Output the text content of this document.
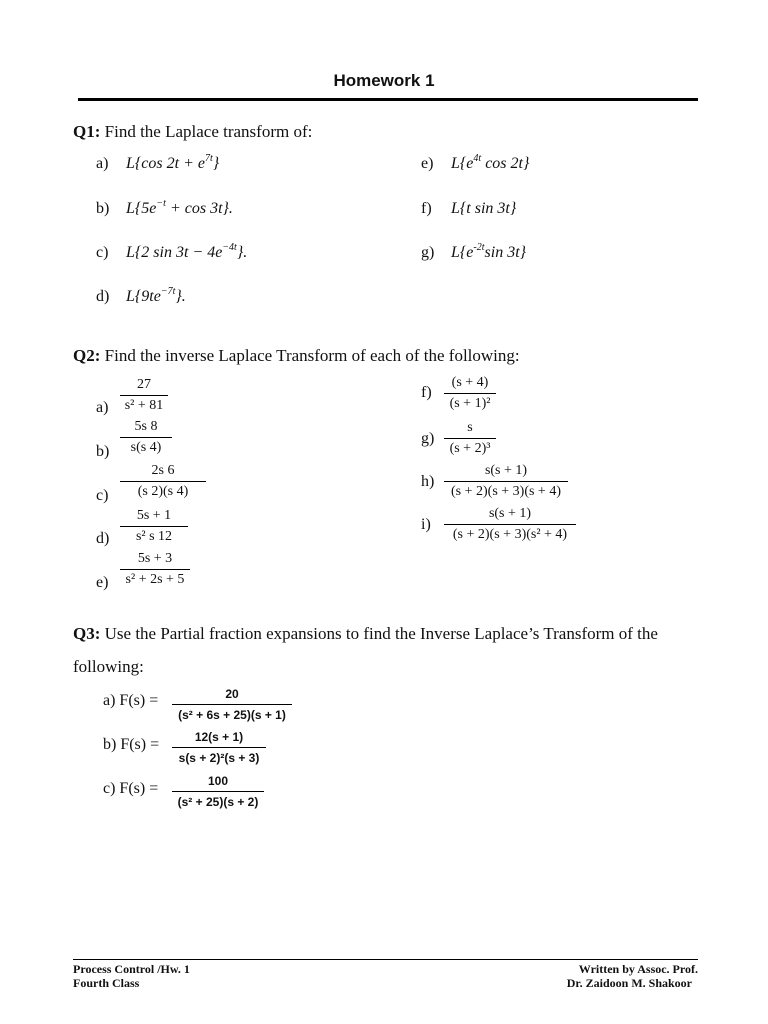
Homework 1
Q1: Find the Laplace transform of:
a) L{cos $2t + e^{7t}$}
b) $L\{5e^{-t} + \cos 3t\}$.
c) L{2 $\sin 3t - 4e^{-4t}$}.
d) $L\{9te^{-7t}\}$.
e) $L\{e^{4t}$ cos 2t}
f) L{t sin 3t}
g) $L\{e^{-2t}\sin$ 3t}
Q2: Find the inverse Laplace Transform of each of the following:
a)
27
s² + 81
b)
5s 8
s(s 4)
c)
2s 6
(s 2)(s 4)
d)
5s + 1
s² s 12
e)
5s + 3
s² + 2s + 5
f)
(s + 4)
(s + 1)²
g)
s
(s + 2)³
h)
s(s + 1)
(s + 2)(s + 3)(s + 4)
i)
s(s + 1)
(s + 2)(s + 3)(s² + 4)
Q3: Use the Partial fraction expansions to find the Inverse Laplace’s Transform of the
following:
a) F(s) =	20
(s² + 6s + 25)(s + 1)
b) F(s) =	12(s + 1)
s(s + 2)²(s + 3)
c) F(s) =	100
(s² + 25)(s + 2)
Process Control /Hw. 1
Fourth Class
Written by Assoc. Prof.
Dr. Zaidoon M. Shakoor
